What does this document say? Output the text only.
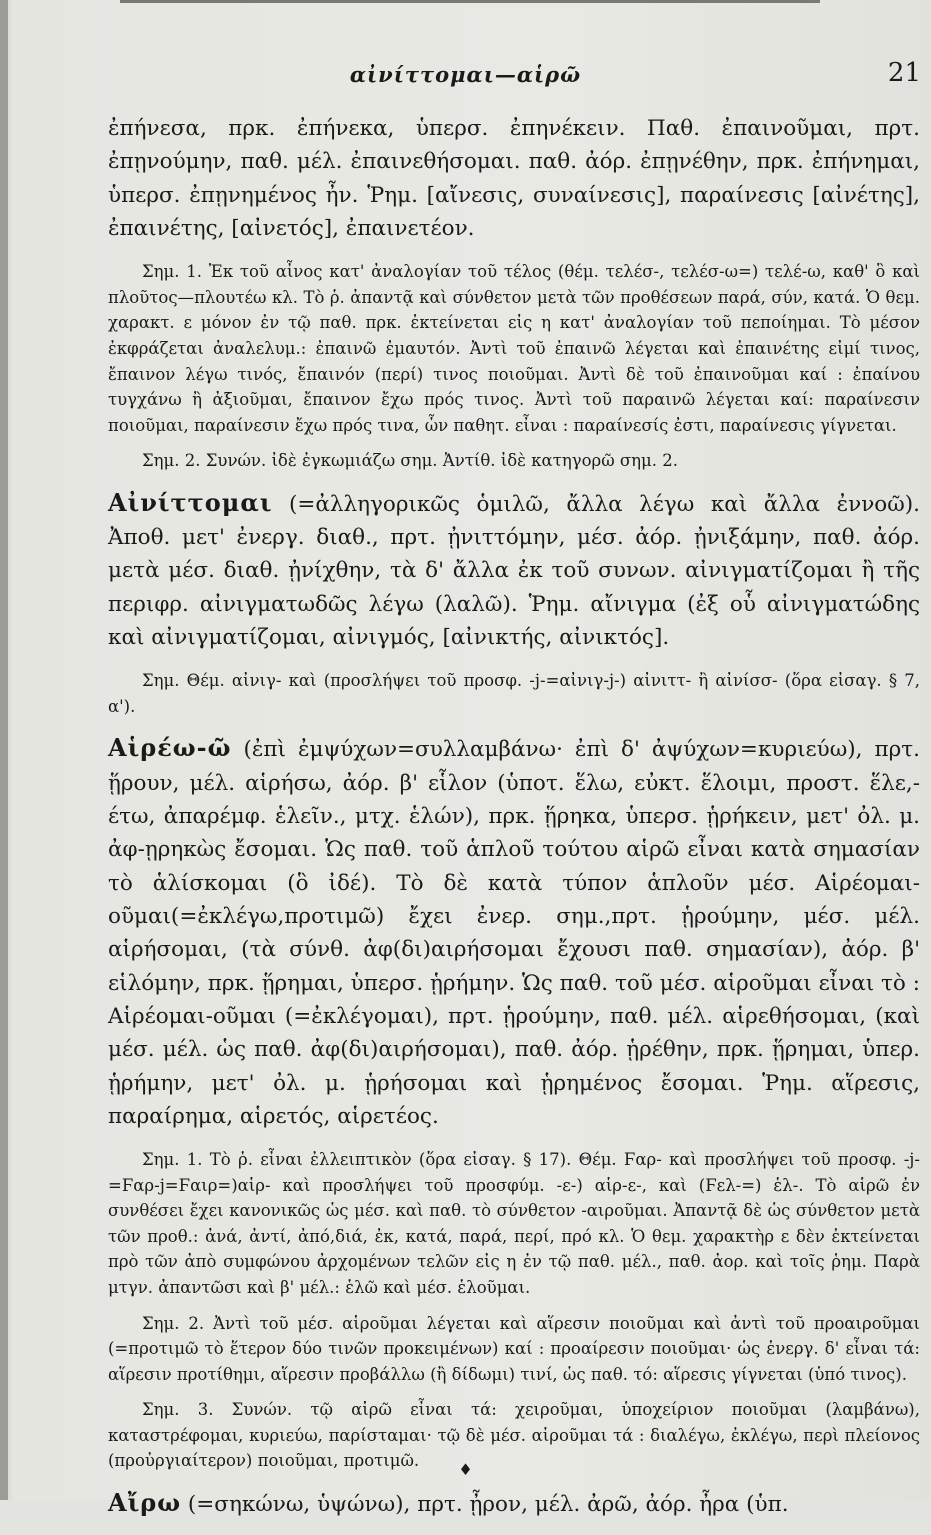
αἰνίττομαι—αἱρῶ	21

ἐπήνεσα, πρκ. ἐπήνεκα, ὑπερσ. ἐπηνέκειν. Παθ. ἐπαινοῦμαι, πρτ. ἐπῃνούμην, παθ. μέλ. ἐπαινεθήσομαι. παθ. ἀόρ. ἐπῃνέθην, πρκ. ἐπήνημαι, ὑπερσ. ἐπῃνημένος ἦν. Ῥημ. [αἴνεσις, συναίνεσις], παραίνεσις [αἰνέτης], ἐπαινέτης, [αἰνετός], ἐπαινετέον.

Σημ. 1. Ἐκ τοῦ αἶνος κατ' ἀναλογίαν τοῦ τέλος (θέμ. τελέσ-, τελέσ-ω=) τελέ-ω, καθ' ὃ καὶ πλοῦτος—πλουτέω κλ. Τὸ ῥ. ἀπαντᾷ καὶ σύνθετον μετὰ τῶν προθέσεων παρά, σύν, κατά. Ὁ θεμ. χαρακτ. ε μόνον ἐν τῷ παθ. πρκ. ἐκτείνεται εἰς η κατ' ἀναλογίαν τοῦ πεποίημαι. Τὸ μέσον ἐκφράζεται ἀναλελυμ.: ἐπαινῶ ἐμαυτόν. Ἀντὶ τοῦ ἐπαινῶ λέγεται καὶ ἐπαινέτης εἰμί τινος, ἔπαινον λέγω τινός, ἔπαινόν (περί) τινος ποιοῦμαι. Ἀντὶ δὲ τοῦ ἐπαινοῦμαι καί : ἐπαίνου τυγχάνω ἢ ἀξιοῦμαι, ἔπαινον ἔχω πρός τινος. Ἀντὶ τοῦ παραινῶ λέγεται καί: παραίνεσιν ποιοῦμαι, παραίνεσιν ἔχω πρός τινα, ὧν παθητ. εἶναι : παραίνεσίς ἐστι, παραίνεσις γίγνεται.

Σημ. 2. Συνών. ἰδὲ ἐγκωμιάζω σημ. Ἀντίθ. ἰδὲ κατηγορῶ σημ. 2.

Αἰνίττομαι (=ἀλληγορικῶς ὁμιλῶ, ἄλλα λέγω καὶ ἄλλα ἐννοῶ). Ἀποθ. μετ' ἐνεργ. διαθ., πρτ. ᾐνιττόμην, μέσ. ἀόρ. ᾐνιξάμην, παθ. ἀόρ. μετὰ μέσ. διαθ. ᾐνίχθην, τὰ δ' ἄλλα ἐκ τοῦ συνων. αἰνιγματίζομαι ἢ τῆς περιφρ. αἰνιγματωδῶς λέγω (λαλῶ). Ῥημ. αἴνιγμα (ἐξ οὗ αἰνιγματώδης καὶ αἰνιγματίζομαι, αἰνιγμός, [αἰνικτής, αἰνικτός].

Σημ. Θέμ. αἰνιγ- καὶ (προσλήψει τοῦ προσφ. -j-=αἰνιγ-j-) αἰνιττ- ἢ αἰνίσσ- (ὅρα εἰσαγ. § 7, α').

Αἱρέω-ῶ (ἐπὶ ἐμψύχων=συλλαμβάνω· ἐπὶ δ' ἀψύχων=κυριεύω), πρτ. ᾕρουν, μέλ. αἱρήσω, ἀόρ. β' εἷλον (ὑποτ. ἕλω, εὐκτ. ἕλοιμι, προστ. ἕλε,-έτω, ἀπαρέμφ. ἑλεῖν., μτχ. ἑλών), πρκ. ᾕρηκα, ὑπερσ. ᾑρήκειν, μετ' ὀλ. μ. ἀφ-ῃρηκὼς ἔσομαι. Ὡς παθ. τοῦ ἁπλοῦ τούτου αἱρῶ εἶναι κατὰ σημασίαν τὸ ἁλίσκομαι (ὃ ἰδέ). Τὸ δὲ κατὰ τύπον ἁπλοῦν μέσ. Αἱρέομαι-οῦμαι(=ἐκλέγω,προτιμῶ) ἔχει ἐνερ. σημ.,πρτ. ᾑρούμην, μέσ. μέλ. αἱρήσομαι, (τὰ σύνθ. ἀφ(δι)αιρήσομαι ἔχουσι παθ. σημασίαν), ἀόρ. β' εἱλόμην, πρκ. ᾕρημαι, ὑπερσ. ᾑρήμην. Ὡς παθ. τοῦ μέσ. αἱροῦμαι εἶναι τὸ : Αἱρέομαι-οῦμαι (=ἐκλέγομαι), πρτ. ᾑρούμην, παθ. μέλ. αἱρεθήσομαι, (καὶ μέσ. μέλ. ὡς παθ. ἀφ(δι)αιρήσομαι), παθ. ἀόρ. ᾑρέθην, πρκ. ᾕρημαι, ὑπερ. ᾑρήμην, μετ' ὀλ. μ. ᾑρήσομαι καὶ ᾑρημένος ἔσομαι. Ῥημ. αἵρεσις, παραίρημα, αἱρετός, αἱρετέος.

Σημ. 1. Τὸ ῥ. εἶναι ἐλλειπτικὸν (ὅρα εἰσαγ. § 17). Θέμ. Ϝαρ- καὶ προσλήψει τοῦ προσφ. -j-=Ϝαρ-j=Ϝαιρ=)αἱρ- καὶ προσλήψει τοῦ προσφύμ. -ε-) αἱρ-ε-, καὶ (Ϝελ-=) ἑλ-. Τὸ αἱρῶ ἐν συνθέσει ἔχει κανονικῶς ὡς μέσ. καὶ παθ. τὸ σύνθετον -αιροῦμαι. Ἀπαντᾷ δὲ ὡς σύνθετον μετὰ τῶν προθ.: ἀνά, ἀντί, ἀπό,διά, ἐκ, κατά, παρά, περί, πρό κλ. Ὁ θεμ. χαρακτὴρ ε δὲν ἐκτείνεται πρὸ τῶν ἀπὸ συμφώνου ἀρχομένων τελῶν εἰς η ἐν τῷ παθ. μέλ., παθ. ἀορ. καὶ τοῖς ῥημ. Παρὰ μτγν. ἀπαντῶσι καὶ β' μέλ.: ἑλῶ καὶ μέσ. ἑλοῦμαι.

Σημ. 2. Ἀντὶ τοῦ μέσ. αἱροῦμαι λέγεται καὶ αἵρεσιν ποιοῦμαι καὶ ἀντὶ τοῦ προαιροῦμαι (=προτιμῶ τὸ ἕτερον δύο τινῶν προκειμένων) καί : προαίρεσιν ποιοῦμαι· ὡς ἐνεργ. δ' εἶναι τά: αἵρεσιν προτίθημι, αἵρεσιν προβάλλω (ἢ δίδωμι) τινί, ὡς παθ. τό: αἵρεσις γίγνεται (ὑπό τινος).

Σημ. 3. Συνών. τῷ αἱρῶ εἶναι τά: χειροῦμαι, ὑποχείριον ποιοῦμαι (λαμβάνω), καταστρέφομαι, κυριεύω, παρίσταμαι· τῷ δὲ μέσ. αἱροῦμαι τά : διαλέγω, ἐκλέγω, περὶ πλείονος (προὐργιαίτερον) ποιοῦμαι, προτιμῶ.

Αἴρω (=σηκώνω, ὑψώνω), πρτ. ᾖρον, μέλ. ἀρῶ, ἀόρ. ἦρα (ὑπ.

♦
